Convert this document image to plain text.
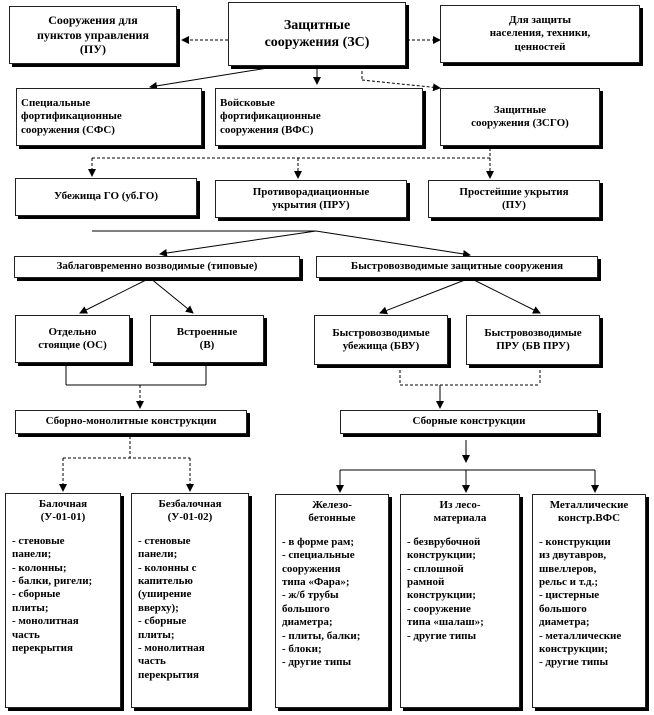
Сооружения для
пунктов управления
(ПУ)
Защитные
сооружения (ЗС)
Для защиты
населения, техники,
ценностей
Специальные
фортификационные
сооружения (СФС)
Войсковые
фортификационные
сооружения (ВФС)
Защитные
сооружения (ЗСГО)
Убежища ГО (уб.ГО)	Противорадиационные
укрытия (ПРУ)
Простейшие укрытия
(ПУ)
Заблаговременно возводимые (типовые)	Быстровозводимые защитные сооружения
Отдельно
стоящие (ОС)
Встроенные
(В)
Быстровозводимые
убежища (БВУ)
Быстровозводимые
ПРУ (БВ ПРУ)
Сборно-монолитные конструкции	Сборные конструкции
Балочная
(У-01-01)
- стеновые
панели;
- колонны;
- балки, ригели;
- сборные
плиты;
- монолитная
часть
перекрытия
Безбалочная
(У-01-02)
- стеновые
панели;
- колонны с
капителью
(уширение
вверху);
- сборные
плиты;
- монолитная
часть
перекрытия
Железо-
бетонные
- в форме рам;
- специальные
сооружения
типа «Фара»;
- ж/б трубы
большого
диаметра;
- плиты, балки;
- блоки;
- другие типы
Из лесо-
материала
- безврубочной
конструкции;
- сплошной
рамной
конструкции;
- сооружение
типа «шалаш»;
- другие типы
Металлические
констр.ВФС
- конструкции
из двутавров,
швеллеров,
рельс и т.д.;
- цистерные
большого
диаметра;
- металлические
конструкции;
- другие типы
